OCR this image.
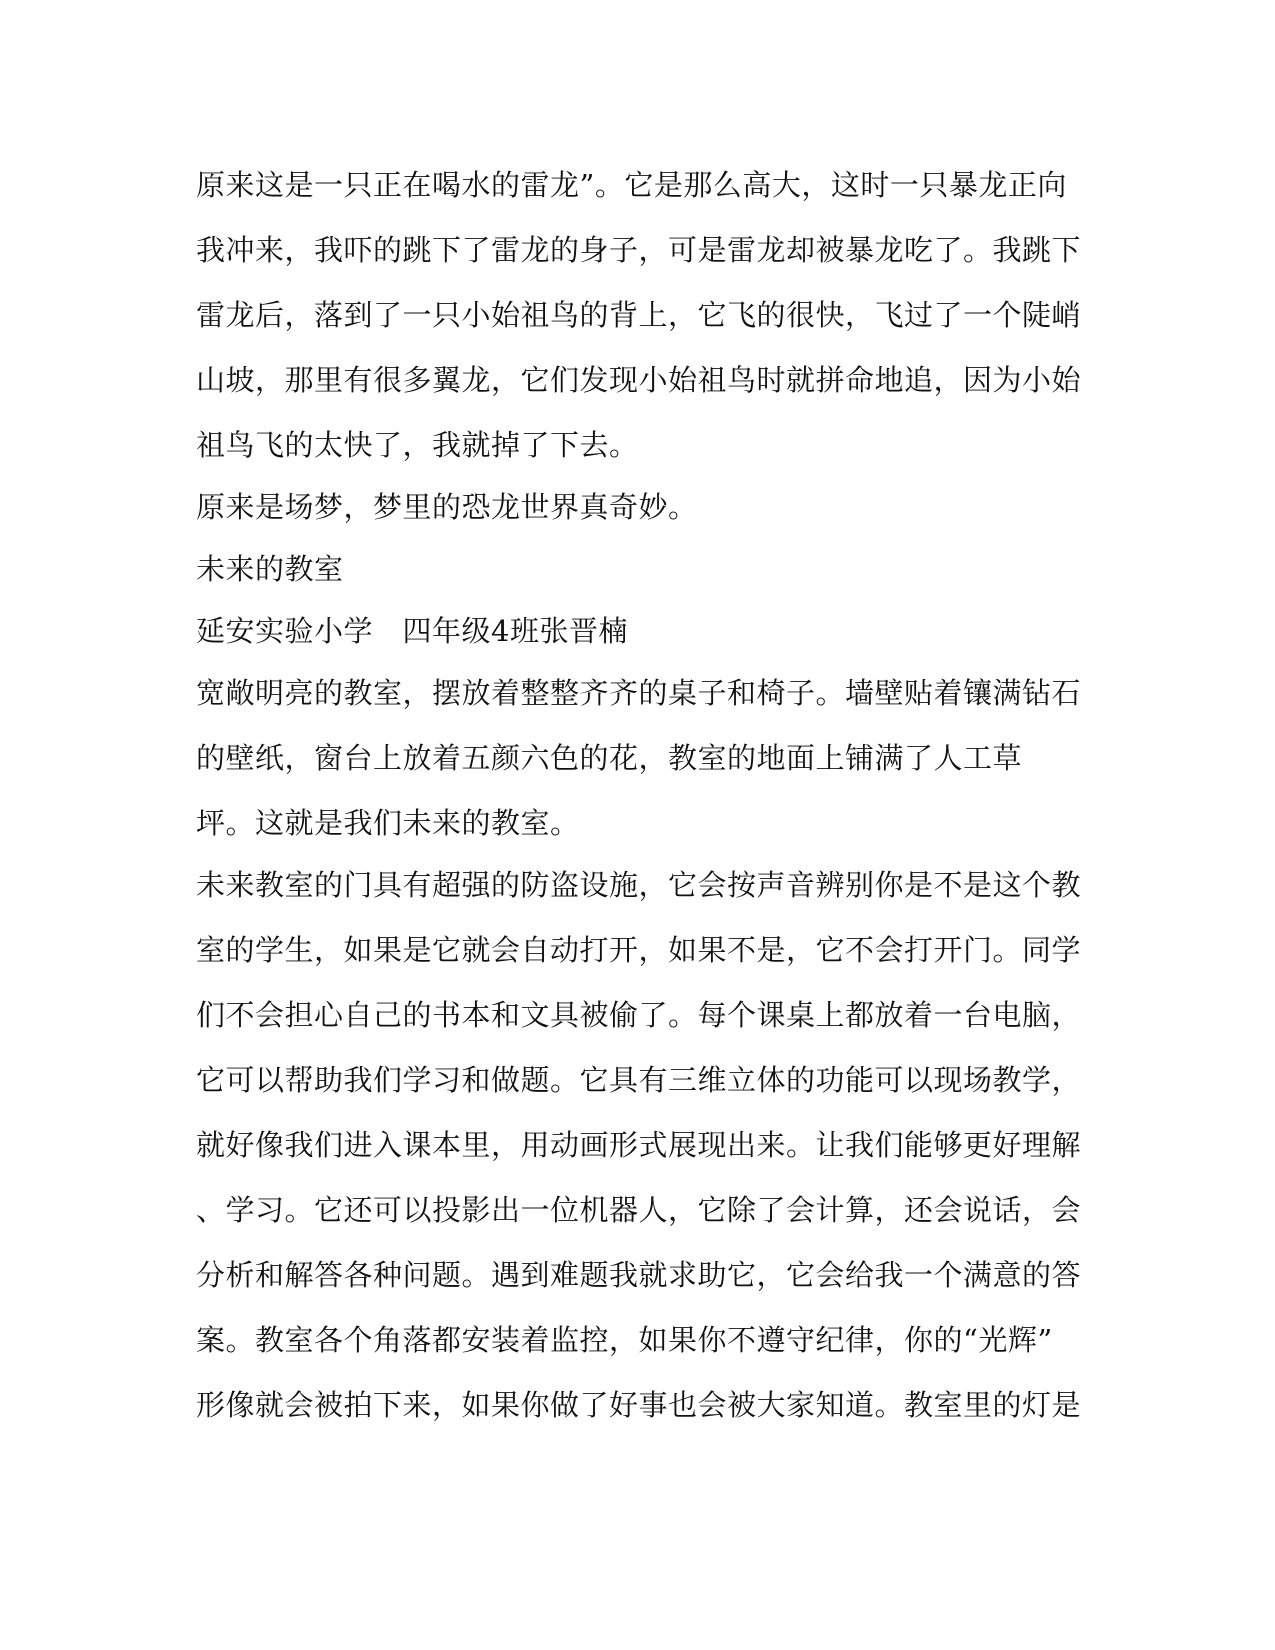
原来这是一只正在喝水的雷龙”。它是那么高大，这时一只暴龙正向
我冲来，我吓的跳下了雷龙的身子，可是雷龙却被暴龙吃了。我跳下
雷龙后，落到了一只小始祖鸟的背上，它飞的很快，飞过了一个陡峭
山坡，那里有很多翼龙，它们发现小始祖鸟时就拼命地追，因为小始
祖鸟飞的太快了，我就掉了下去。
原来是场梦，梦里的恐龙世界真奇妙。
未来的教室
延安实验小学　四年级4班张晋楠
宽敞明亮的教室，摆放着整整齐齐的桌子和椅子。墙壁贴着镶满钻石
的壁纸，窗台上放着五颜六色的花，教室的地面上铺满了人工草
坪。这就是我们未来的教室。
未来教室的门具有超强的防盗设施，它会按声音辨别你是不是这个教
室的学生，如果是它就会自动打开，如果不是，它不会打开门。同学
们不会担心自己的书本和文具被偷了。每个课桌上都放着一台电脑，
它可以帮助我们学习和做题。它具有三维立体的功能可以现场教学，
就好像我们进入课本里，用动画形式展现出来。让我们能够更好理解
、学习。它还可以投影出一位机器人，它除了会计算，还会说话，会
分析和解答各种问题。遇到难题我就求助它，它会给我一个满意的答
案。教室各个角落都安装着监控，如果你不遵守纪律，你的“光辉”
形像就会被拍下来，如果你做了好事也会被大家知道。教室里的灯是
